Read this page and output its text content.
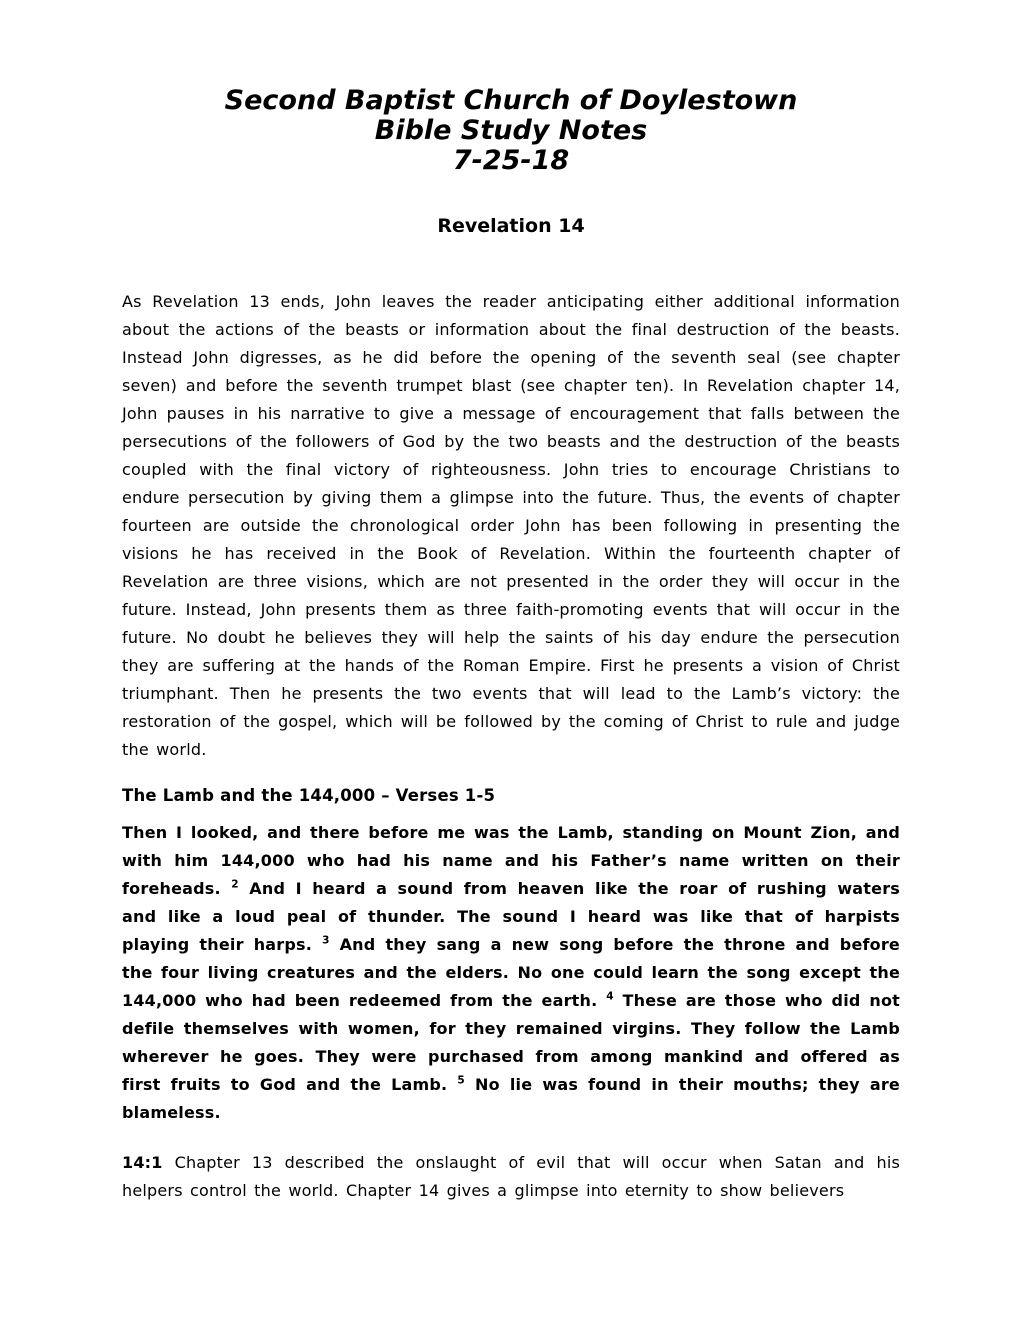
Second Baptist Church of Doylestown
Bible Study Notes
7-25-18
Revelation 14

As Revelation 13 ends, John leaves the reader anticipating either additional information about the actions of the beasts or information about the final destruction of the beasts. Instead John digresses, as he did before the opening of the seventh seal (see chapter seven) and before the seventh trumpet blast (see chapter ten). In Revelation chapter 14, John pauses in his narrative to give a message of encouragement that falls between the persecutions of the followers of God by the two beasts and the destruction of the beasts coupled with the final victory of righteousness. John tries to encourage Christians to endure persecution by giving them a glimpse into the future. Thus, the events of chapter fourteen are outside the chronological order John has been following in presenting the visions he has received in the Book of Revelation. Within the fourteenth chapter of Revelation are three visions, which are not presented in the order they will occur in the future. Instead, John presents them as three faith-promoting events that will occur in the future. No doubt he believes they will help the saints of his day endure the persecution they are suffering at the hands of the Roman Empire. First he presents a vision of Christ triumphant. Then he presents the two events that will lead to the Lamb’s victory: the restoration of the gospel, which will be followed by the coming of Christ to rule and judge the world.

The Lamb and the 144,000 – Verses 1-5

Then I looked, and there before me was the Lamb, standing on Mount Zion, and with him 144,000 who had his name and his Father’s name written on their foreheads. $^2$ And I heard a sound from heaven like the roar of rushing waters and like a loud peal of thunder. The sound I heard was like that of harpists playing their harps. $^3$ And they sang a new song before the throne and before the four living creatures and the elders. No one could learn the song except the 144,000 who had been redeemed from the earth. $^4$ These are those who did not defile themselves with women, for they remained virgins. They follow the Lamb wherever he goes. They were purchased from among mankind and offered as first fruits to God and the Lamb. $^5$ No lie was found in their mouths; they are blameless.

14:1 Chapter 13 described the onslaught of evil that will occur when Satan and his helpers control the world. Chapter 14 gives a glimpse into eternity to show believers
